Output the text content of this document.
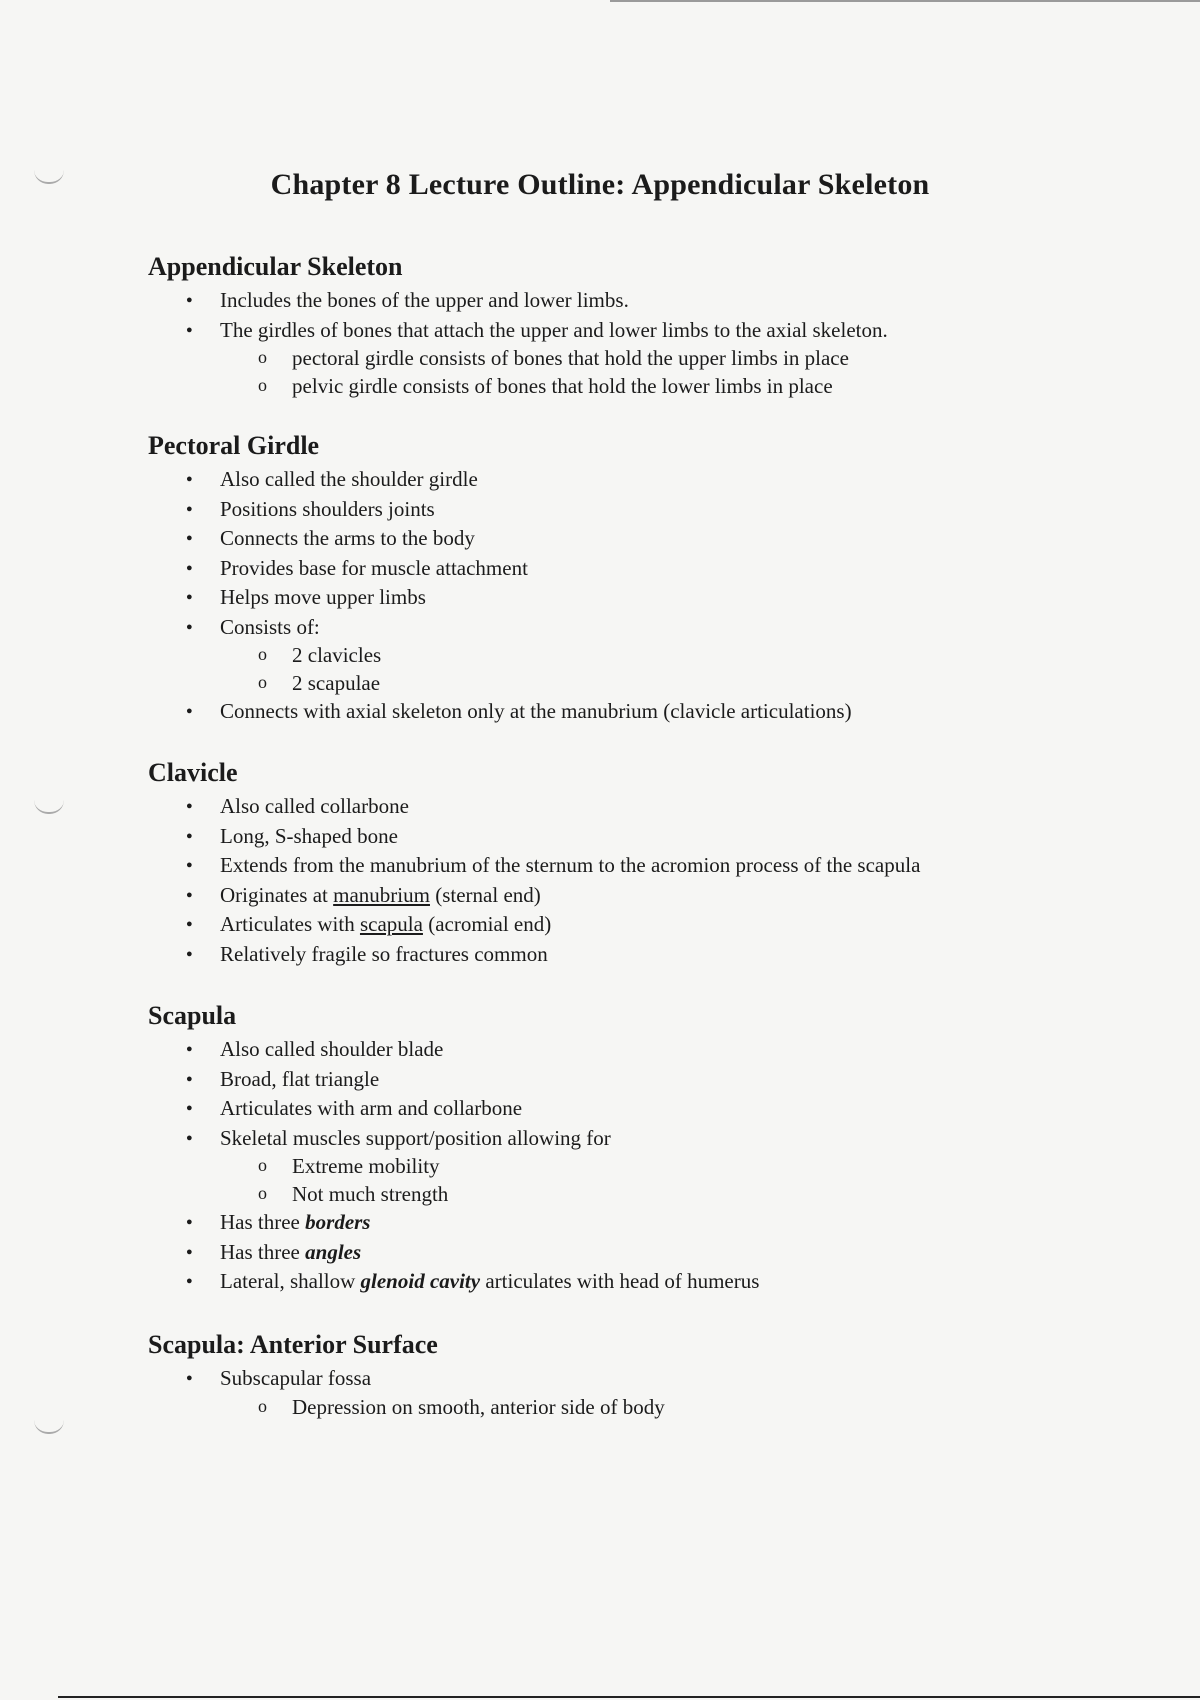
Chapter 8 Lecture Outline: Appendicular Skeleton
Appendicular Skeleton
● Includes the bones of the upper and lower limbs.
● The girdles of bones that attach the upper and lower limbs to the axial skeleton.
o pectoral girdle consists of bones that hold the upper limbs in place
o pelvic girdle consists of bones that hold the lower limbs in place
Pectoral Girdle
● Also called the shoulder girdle
● Positions shoulders joints
● Connects the arms to the body
● Provides base for muscle attachment
● Helps move upper limbs
● Consists of:
o 2 clavicles
o 2 scapulae
● Connects with axial skeleton only at the manubrium (clavicle articulations)
Clavicle
● Also called collarbone
● Long, S-shaped bone
● Extends from the manubrium of the sternum to the acromion process of the scapula
● Originates at manubrium (sternal end)
● Articulates with scapula (acromial end)
● Relatively fragile so fractures common
Scapula
● Also called shoulder blade
● Broad, flat triangle
● Articulates with arm and collarbone
● Skeletal muscles support/position allowing for
o Extreme mobility
o Not much strength
● Has three borders
● Has three angles
● Lateral, shallow glenoid cavity articulates with head of humerus
Scapula: Anterior Surface
● Subscapular fossa
o Depression on smooth, anterior side of body
